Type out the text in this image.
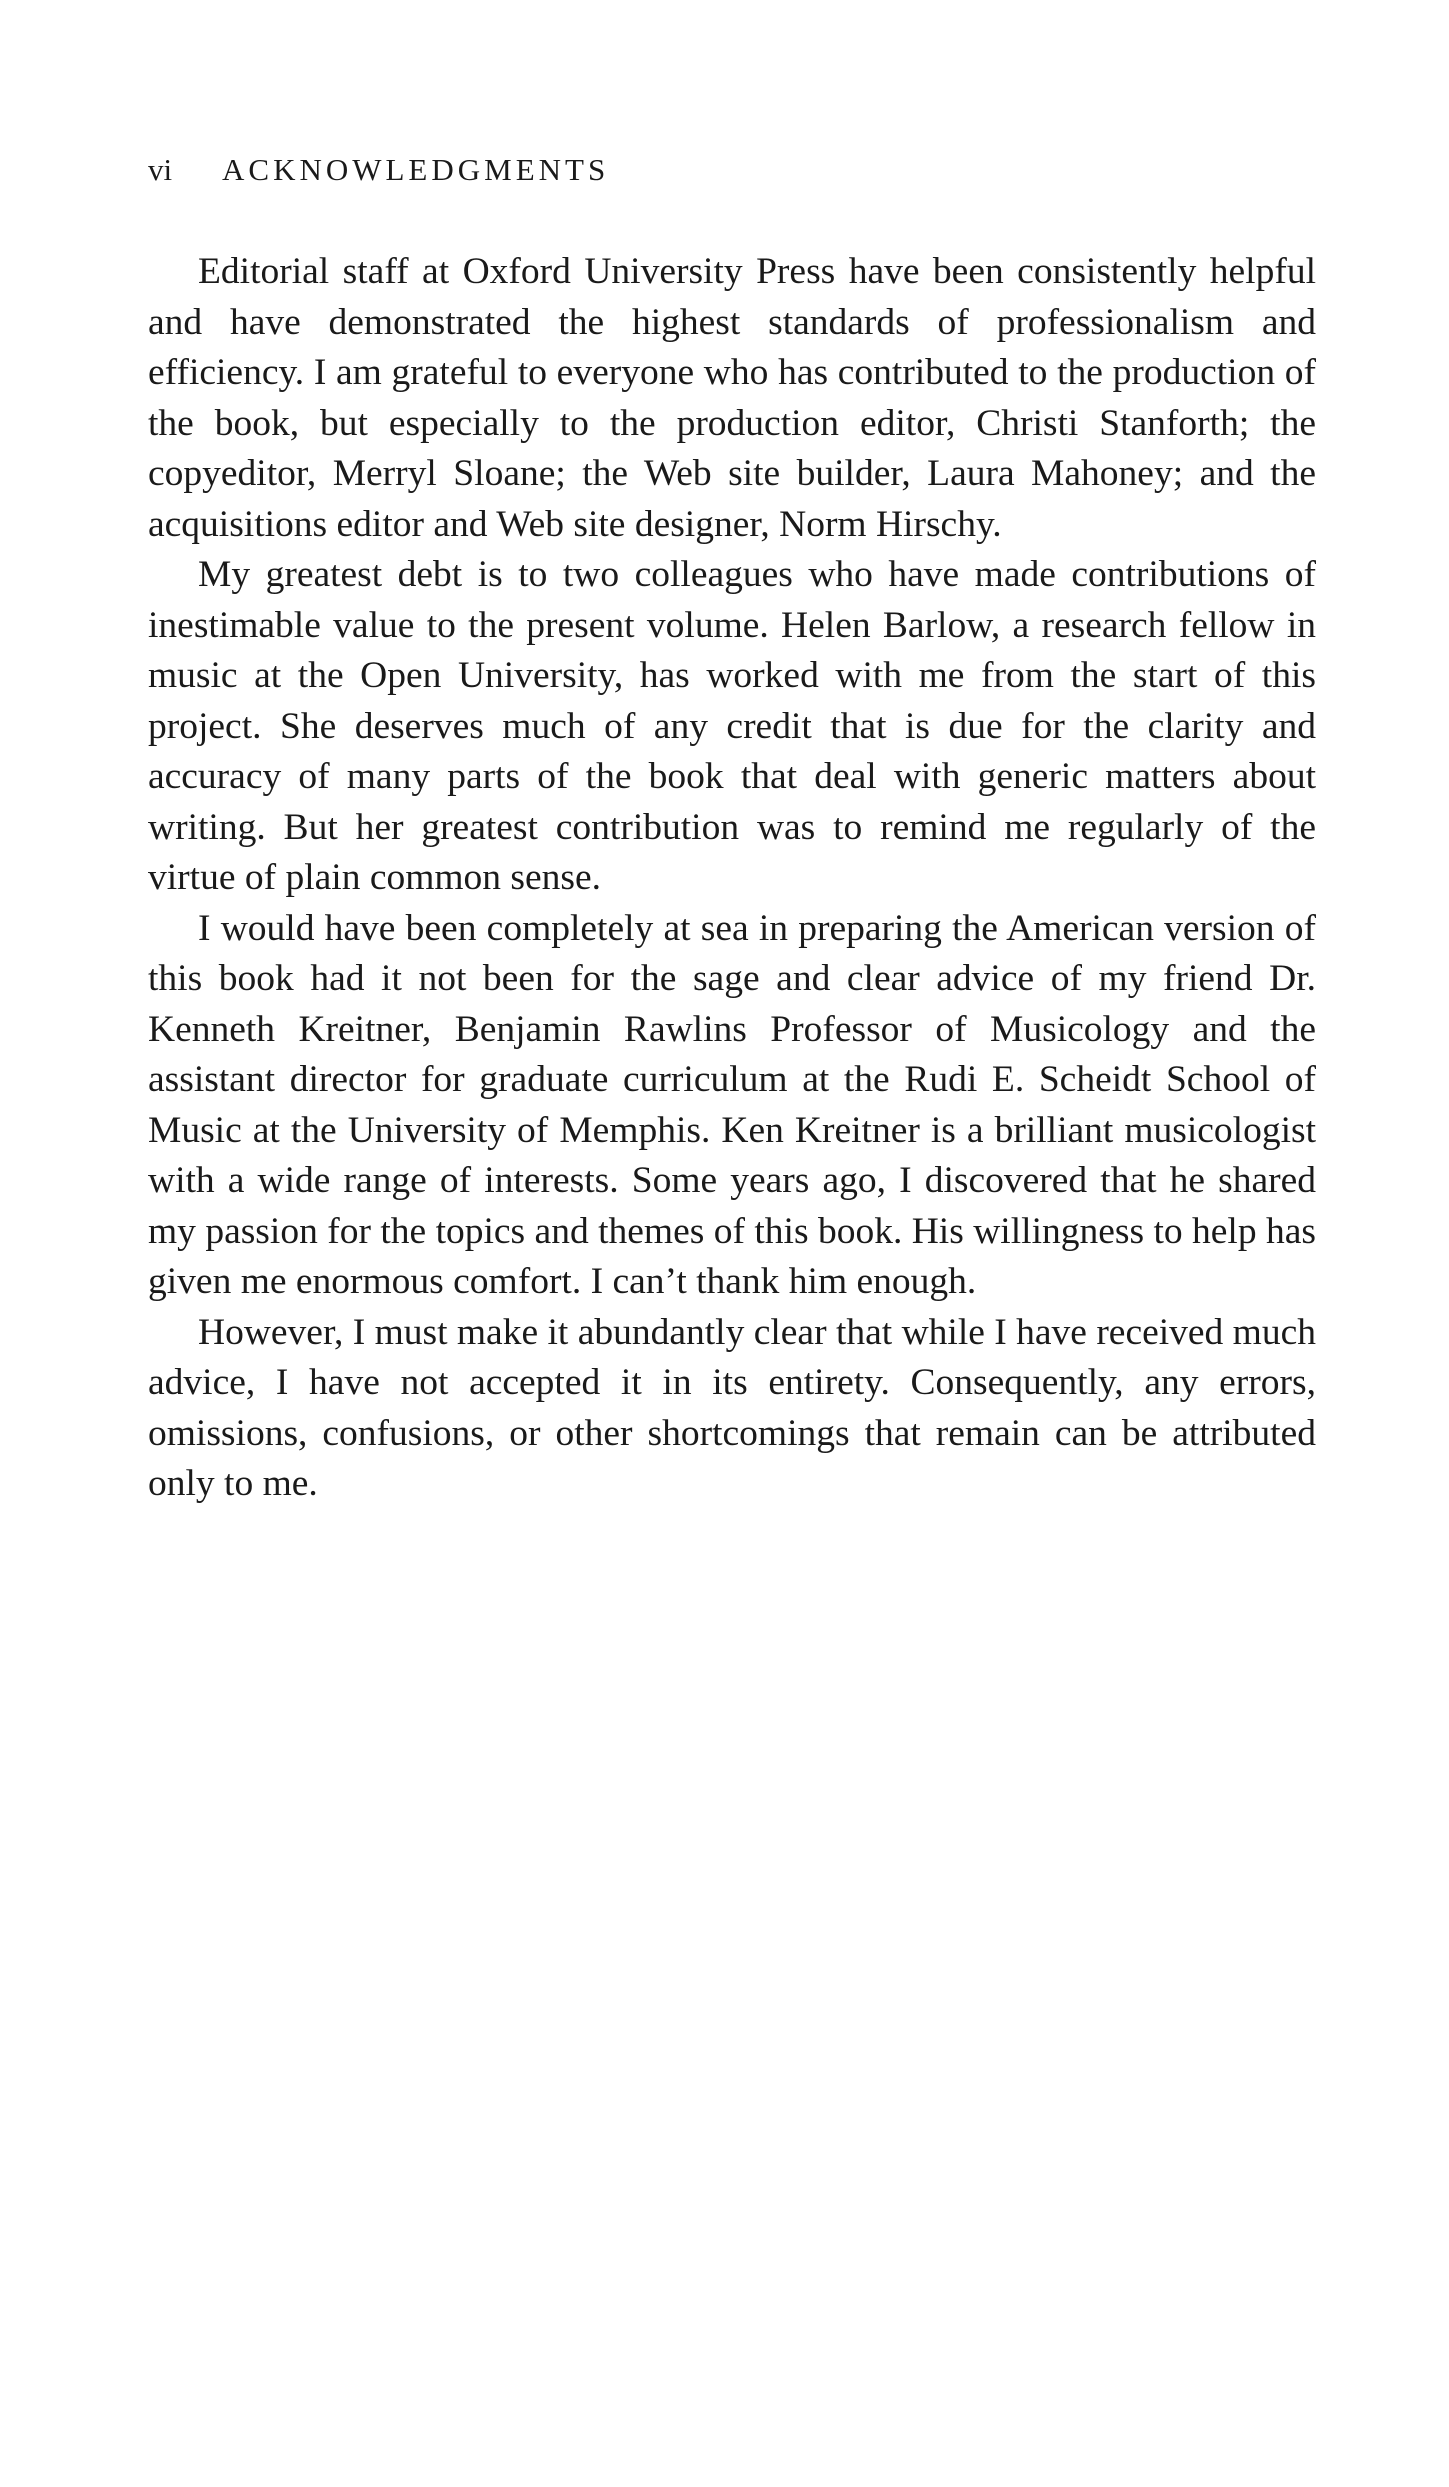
vi ACKNOWLEDGMENTS

Editorial staff at Oxford University Press have been consistently helpful and have demonstrated the highest standards of professionalism and efficiency. I am grateful to everyone who has contributed to the production of the book, but especially to the production editor, Christi Stanforth; the copyeditor, Merryl Sloane; the Web site builder, Laura Mahoney; and the acquisitions editor and Web site designer, Norm Hirschy.

My greatest debt is to two colleagues who have made contributions of inestimable value to the present volume. Helen Barlow, a research fellow in music at the Open University, has worked with me from the start of this project. She deserves much of any credit that is due for the clarity and accuracy of many parts of the book that deal with generic matters about writing. But her greatest contribution was to remind me regularly of the virtue of plain common sense.

I would have been completely at sea in preparing the American version of this book had it not been for the sage and clear advice of my friend Dr. Kenneth Kreitner, Benjamin Rawlins Professor of Musicology and the assistant director for graduate curriculum at the Rudi E. Scheidt School of Music at the University of Memphis. Ken Kreitner is a brilliant musicologist with a wide range of interests. Some years ago, I discovered that he shared my passion for the topics and themes of this book. His willingness to help has given me enormous comfort. I can’t thank him enough.

However, I must make it abundantly clear that while I have received much advice, I have not accepted it in its entirety. Consequently, any errors, omissions, confusions, or other shortcomings that remain can be attributed only to me.
